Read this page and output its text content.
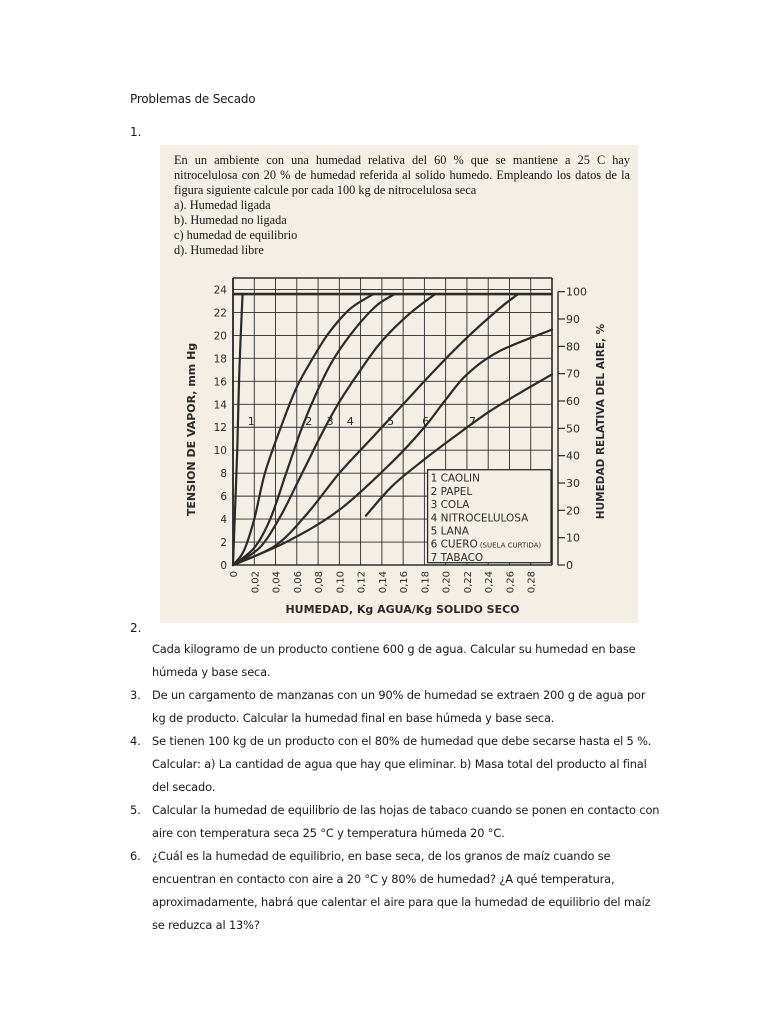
Problemas de Secado
1.

En un ambiente con una humedad relativa del 60 % que se mantiene a 25 C hay nitrocelulosa con 20 % de humedad referida al solido humedo. Empleando los datos de la figura siguiente calcule por cada 100 kg de nitrocelulosa seca

a). Humedad ligada

b). Humedad no ligada

c) humedad de equilibrio

d). Humedad libre

0
2
4
6
8
10
12
14
16
18
20
22
24
0 0,02 0,04 0,06 0,08 0,10 0,12 0,14 0,16 0,18 0,20 0,22 0,24 0,26 0,28
0
10
20
30
40
50
60
70
80
90
100
TENSION DE VAPOR, mm Hg	HUMEDAD RELATIVA DEL AIRE, %
HUMEDAD, Kg AGUA/Kg SOLIDO SECO
1 CAOLIN
2 PAPEL
3 COLA
4 NITROCELULOSA
5 LANA
6 CUERO (SUELA CURTIDA)
7 TABACO
1	2 3 4	5	6	7
2.
Cada kilogramo de un producto contiene 600 g de agua. Calcular su humedad en base húmeda y base seca.
3. De un cargamento de manzanas con un 90% de humedad se extraen 200 g de agua por kg de producto. Calcular la humedad final en base húmeda y base seca.
4. Se tienen 100 kg de un producto con el 80% de humedad que debe secarse hasta el 5 %. Calcular: a) La cantidad de agua que hay que eliminar. b) Masa total del producto al final del secado.
5. Calcular la humedad de equilibrio de las hojas de tabaco cuando se ponen en contacto con aire con temperatura seca 25 °C y temperatura húmeda 20 °C.
6. ¿Cuál es la humedad de equilibrio, en base seca, de los granos de maíz cuando se encuentran en contacto con aire a 20 °C y 80% de humedad? ¿A qué temperatura, aproximadamente, habrá que calentar el aire para que la humedad de equilibrio del maíz se reduzca al 13%?
